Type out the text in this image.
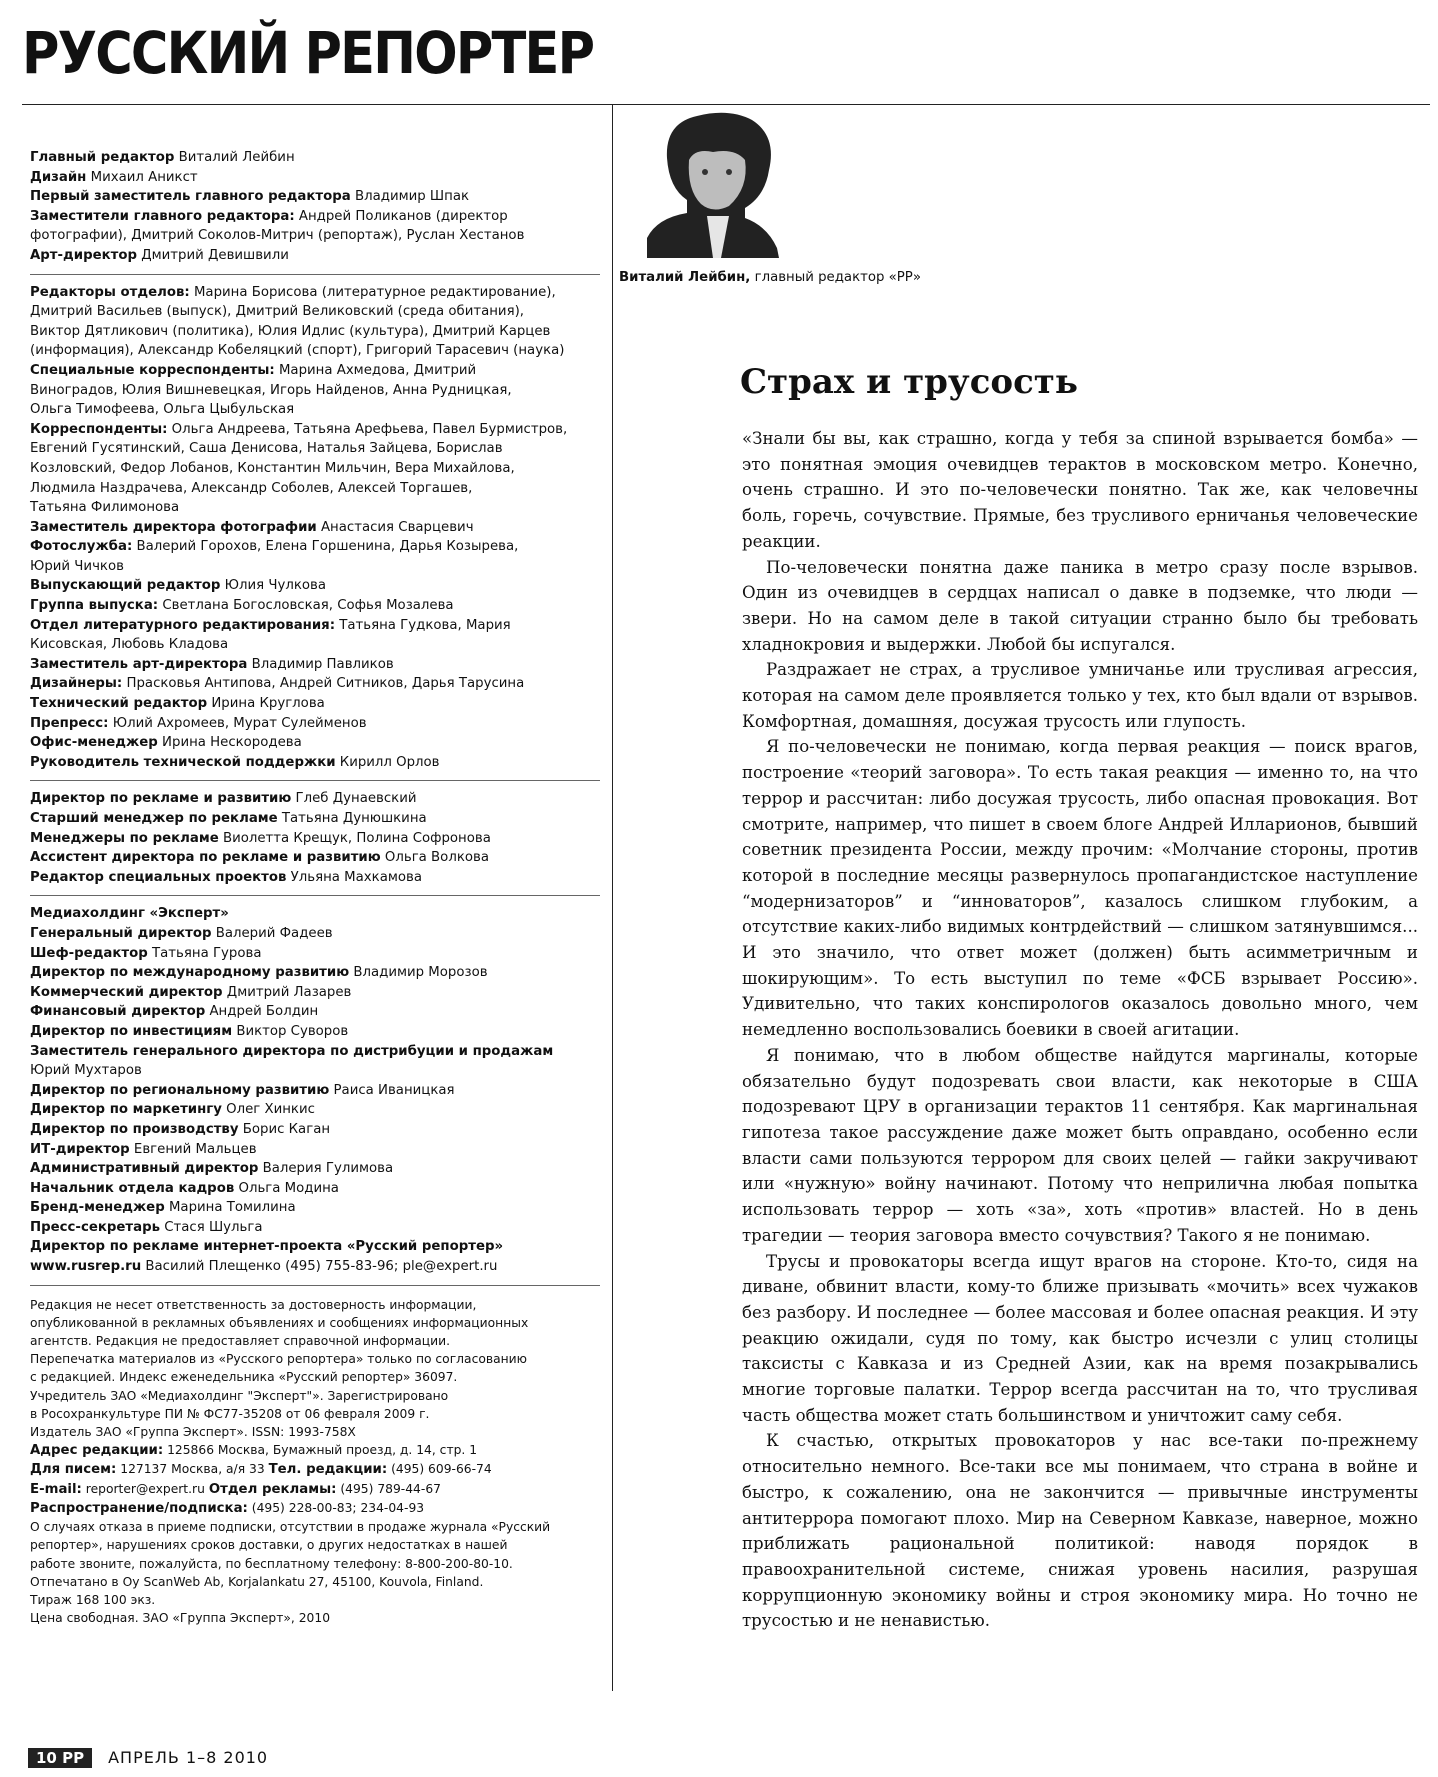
РУССКИЙ РЕПОРТЕР
Главный редактор Виталий Лейбин
Дизайн Михаил Аникст
Первый заместитель главного редактора Владимир Шпак
Заместители главного редактора: Андрей Поликанов (директор
фотографии), Дмитрий Соколов-Митрич (репортаж), Руслан Хестанов
Арт-директор Дмитрий Девишвили
Редакторы отделов: Марина Борисова (литературное редактирование),
Дмитрий Васильев (выпуск), Дмитрий Великовский (среда обитания),
Виктор Дятликович (политика), Юлия Идлис (культура), Дмитрий Карцев
(информация), Александр Кобеляцкий (спорт), Григорий Тарасевич (наука)
Специальные корреспонденты: Марина Ахмедова, Дмитрий
Виноградов, Юлия Вишневецкая, Игорь Найденов, Анна Рудницкая,
Ольга Тимофеева, Ольга Цыбульская
Корреспонденты: Ольга Андреева, Татьяна Арефьева, Павел Бурмистров,
Евгений Гусятинский, Саша Денисова, Наталья Зайцева, Борислав
Козловский, Федор Лобанов, Константин Мильчин, Вера Михайлова,
Людмила Наздрачева, Александр Соболев, Алексей Торгашев,
Татьяна Филимонова
Заместитель директора фотографии Анастасия Сварцевич
Фотослужба: Валерий Горохов, Елена Горшенина, Дарья Козырева,
Юрий Чичков
Выпускающий редактор Юлия Чулкова
Группа выпуска: Светлана Богословская, Софья Мозалева
Отдел литературного редактирования: Татьяна Гудкова, Мария
Кисовская, Любовь Кладова
Заместитель арт-директора Владимир Павликов
Дизайнеры: Прасковья Антипова, Андрей Ситников, Дарья Тарусина
Технический редактор Ирина Круглова
Препресс: Юлий Ахромеев, Мурат Сулейменов
Офис-менеджер Ирина Нескородева
Руководитель технической поддержки Кирилл Орлов
Директор по рекламе и развитию Глеб Дунаевский
Старший менеджер по рекламе Татьяна Дунюшкина
Менеджеры по рекламе Виолетта Крещук, Полина Софронова
Ассистент директора по рекламе и развитию Ольга Волкова
Редактор специальных проектов Ульяна Махкамова
Медиахолдинг «Эксперт»
Генеральный директор Валерий Фадеев
Шеф-редактор Татьяна Гурова
Директор по международному развитию Владимир Морозов
Коммерческий директор Дмитрий Лазарев
Финансовый директор Андрей Болдин
Директор по инвестициям Виктор Суворов
Заместитель генерального директора по дистрибуции и продажам
Юрий Мухтаров
Директор по региональному развитию Раиса Иваницкая
Директор по маркетингу Олег Хинкис
Директор по производству Борис Каган
ИТ-директор Евгений Мальцев
Административный директор Валерия Гулимова
Начальник отдела кадров Ольга Модина
Бренд-менеджер Марина Томилина
Пресс-секретарь Стася Шульга
Директор по рекламе интернет-проекта «Русский репортер»
www.rusrep.ru Василий Плещенко (495) 755-83-96; ple@expert.ru
Редакция не несет ответственность за достоверность информации,
опубликованной в рекламных объявлениях и сообщениях информационных
агентств. Редакция не предоставляет справочной информации.
Перепечатка материалов из «Русского репортера» только по согласованию
с редакцией. Индекс еженедельника «Русский репортер» 36097.
Учредитель ЗАО «Медиахолдинг "Эксперт"». Зарегистрировано
в Росохранкультуре ПИ № ФС77-35208 от 06 февраля 2009 г.
Издатель ЗАО «Группа Эксперт». ISSN: 1993-758X
Адрес редакции: 125866 Москва, Бумажный проезд, д. 14, стр. 1
Для писем: 127137 Москва, а/я 33 Тел. редакции: (495) 609-66-74
E-mail: reporter@expert.ru Отдел рекламы: (495) 789-44-67
Распространение/подписка: (495) 228-00-83; 234-04-93
О случаях отказа в приеме подписки, отсутствии в продаже журнала «Русский
репортер», нарушениях сроков доставки, о других недостатках в нашей
работе звоните, пожалуйста, по бесплатному телефону: 8-800-200-80-10.
Отпечатано в Oy ScanWeb Ab, Korjalankatu 27, 45100, Kouvola, Finland.
Тираж 168 100 экз.
Цена свободная. ЗАО «Группа Эксперт», 2010
Виталий Лейбин, главный редактор «РР»
Страх и трусость

«Знали бы вы, как страшно, когда у тебя за спиной взрывается бомба» — это понятная эмоция очевидцев терактов в московском метро. Конечно, очень страшно. И это по-человечески понятно. Так же, как человечны боль, горечь, сочувствие. Прямые, без трусливого ерничанья человеческие реакции.

По-человечески понятна даже паника в метро сразу после взрывов. Один из очевидцев в сердцах написал о давке в подземке, что люди — звери. Но на самом деле в такой ситуации странно было бы требовать хладнокровия и выдержки. Любой бы испугался.

Раздражает не страх, а трусливое умничанье или трусливая агрессия, которая на самом деле проявляется только у тех, кто был вдали от взрывов. Комфортная, домашняя, досужая трусость или глупость.

Я по-человечески не понимаю, когда первая реакция — поиск врагов, построение «теорий заговора». То есть такая реакция — именно то, на что террор и рассчитан: либо досужая трусость, либо опасная провокация. Вот смотрите, например, что пишет в своем блоге Андрей Илларионов, бывший советник президента России, между прочим: «Молчание стороны, против которой в последние месяцы развернулось пропагандистское наступление “модернизаторов” и “инноваторов”, казалось слишком глубоким, а отсутствие каких-либо видимых контрдействий — слишком затянувшимся... И это значило, что ответ может (должен) быть асимметричным и шокирующим». То есть выступил по теме «ФСБ взрывает Россию». Удивительно, что таких конспирологов оказалось довольно много, чем немедленно воспользовались боевики в своей агитации.

Я понимаю, что в любом обществе найдутся маргиналы, которые обязательно будут подозревать свои власти, как некоторые в США подозревают ЦРУ в организации терактов 11 сентября. Как маргинальная гипотеза такое рассуждение даже может быть оправдано, особенно если власти сами пользуются террором для своих целей — гайки закручивают или «нужную» войну начинают. Потому что неприлична любая попытка использовать террор — хоть «за», хоть «против» властей. Но в день трагедии — теория заговора вместо сочувствия? Такого я не понимаю.

Трусы и провокаторы всегда ищут врагов на стороне. Кто-то, сидя на диване, обвинит власти, кому-то ближе призывать «мочить» всех чужаков без разбору. И последнее — более массовая и более опасная реакция. И эту реакцию ожидали, судя по тому, как быстро исчезли с улиц столицы таксисты с Кавказа и из Средней Азии, как на время позакрывались многие торговые палатки. Террор всегда рассчитан на то, что трусливая часть общества может стать большинством и уничтожит саму себя.

К счастью, открытых провокаторов у нас все-таки по-прежнему относительно немного. Все-таки все мы понимаем, что страна в войне и быстро, к сожалению, она не закончится — привычные инструменты антитеррора помогают плохо. Мир на Северном Кавказе, наверное, можно приближать рациональной политикой: наводя порядок в правоохранительной системе, снижая уровень насилия, разрушая коррупционную экономику войны и строя экономику мира. Но точно не трусостью и не ненавистью.

10 РР АПРЕЛЬ 1–8 2010
